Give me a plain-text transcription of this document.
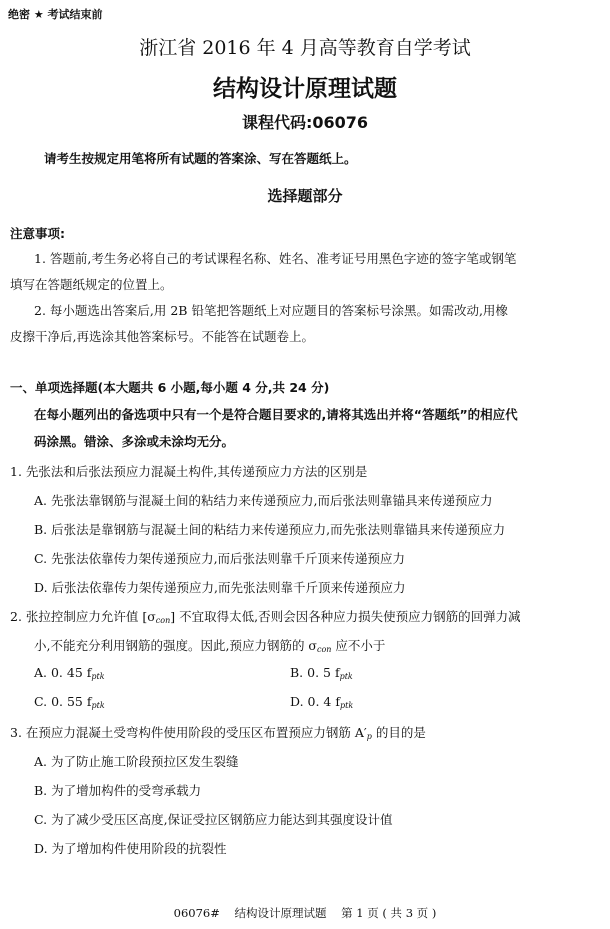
绝密 ★ 考试结束前
浙江省 2016 年 4 月高等教育自学考试
结构设计原理试题
课程代码:06076
请考生按规定用笔将所有试题的答案涂、写在答题纸上。
选择题部分
注意事项:
1. 答题前,考生务必将自己的考试课程名称、姓名、准考证号用黑色字迹的签字笔或钢笔
填写在答题纸规定的位置上。
2. 每小题选出答案后,用 2B 铅笔把答题纸上对应题目的答案标号涂黑。如需改动,用橡
皮擦干净后,再选涂其他答案标号。不能答在试题卷上。
一、单项选择题(本大题共 6 小题,每小题 4 分,共 24 分)
在每小题列出的备选项中只有一个是符合题目要求的,请将其选出并将“答题纸”的相应代
码涂黑。错涂、多涂或未涂均无分。
1. 先张法和后张法预应力混凝土构件,其传递预应力方法的区别是
A. 先张法靠钢筋与混凝土间的粘结力来传递预应力,而后张法则靠锚具来传递预应力
B. 后张法是靠钢筋与混凝土间的粘结力来传递预应力,而先张法则靠锚具来传递预应力
C. 先张法依靠传力架传递预应力,而后张法则靠千斤顶来传递预应力
D. 后张法依靠传力架传递预应力,而先张法则靠千斤顶来传递预应力
2. 张拉控制应力允许值 $[\sigma_{con}]$ 不宜取得太低,否则会因各种应力损失使预应力钢筋的回弹力减
小,不能充分利用钢筋的强度。因此,预应力钢筋的 $\sigma_{con}$ 应不小于
A. 0. 45 $f_{ptk}$	B. 0. 5 $f_{ptk}$
C. 0. 55 $f_{ptk}$	D. 0. 4 $f_{ptk}$
3. 在预应力混凝土受弯构件使用阶段的受压区布置预应力钢筋 $A'_p$ 的目的是
A. 为了防止施工阶段预拉区发生裂缝
B. 为了增加构件的受弯承载力
C. 为了减少受压区高度,保证受拉区钢筋应力能达到其强度设计值
D. 为了增加构件使用阶段的抗裂性
06076#    结构设计原理试题    第 1 页 ( 共 3 页 )
